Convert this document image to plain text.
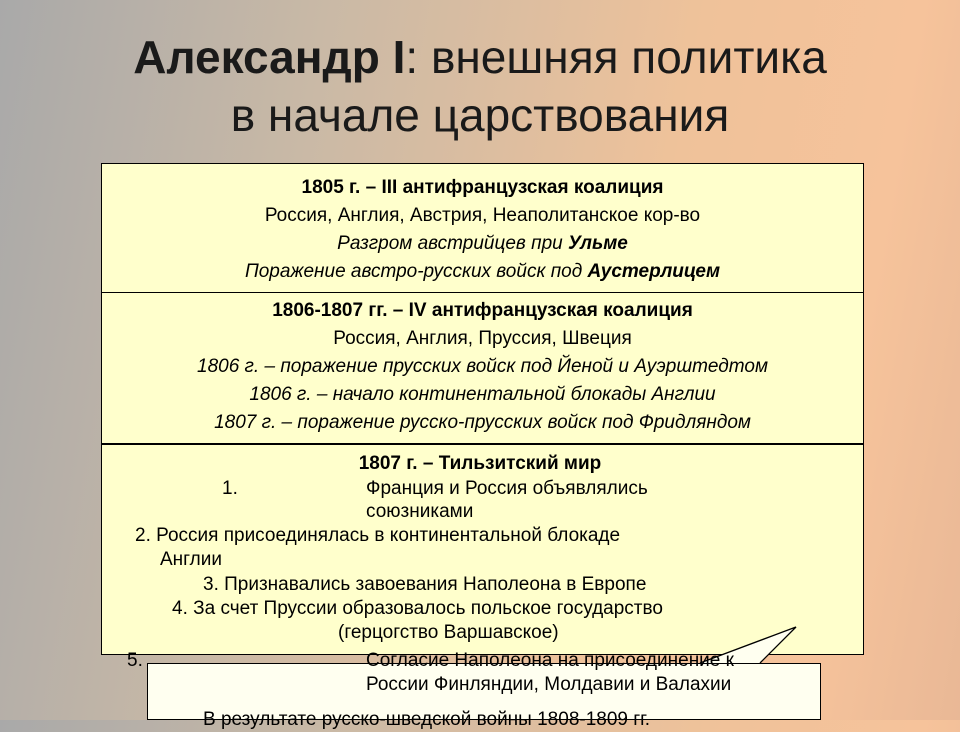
Александр I: внешняя политика
в начале царствования
1805 г. – III антифранцузская коалиция
Россия, Англия, Австрия, Неаполитанское кор-во
Разгром австрийцев при Ульме
Поражение австро-русских войск под Аустерлицем
1806-1807 гг. – IV антифранцузская коалиция
Россия, Англия, Пруссия, Швеция
1806 г. – поражение прусских войск под Йеной и Ауэрштедтом
1806 г. – начало континентальной блокады Англии
1807 г. – поражение русско-прусских войск под Фридляндом
1807 г. – Тильзитский мир
1.	Франция и Россия объявлялись
союзниками
2. Россия присоединялась в континентальной блокаде
Англии
3. Признавались завоевания Наполеона в Европе
4. За счет Пруссии образовалось польское государство
(герцогство Варшавское)
В результате русско-шведской войны 1808-1809 гг.
5.	Согласие Наполеона на присоединение к
России Финляндии, Молдавии и Валахии
